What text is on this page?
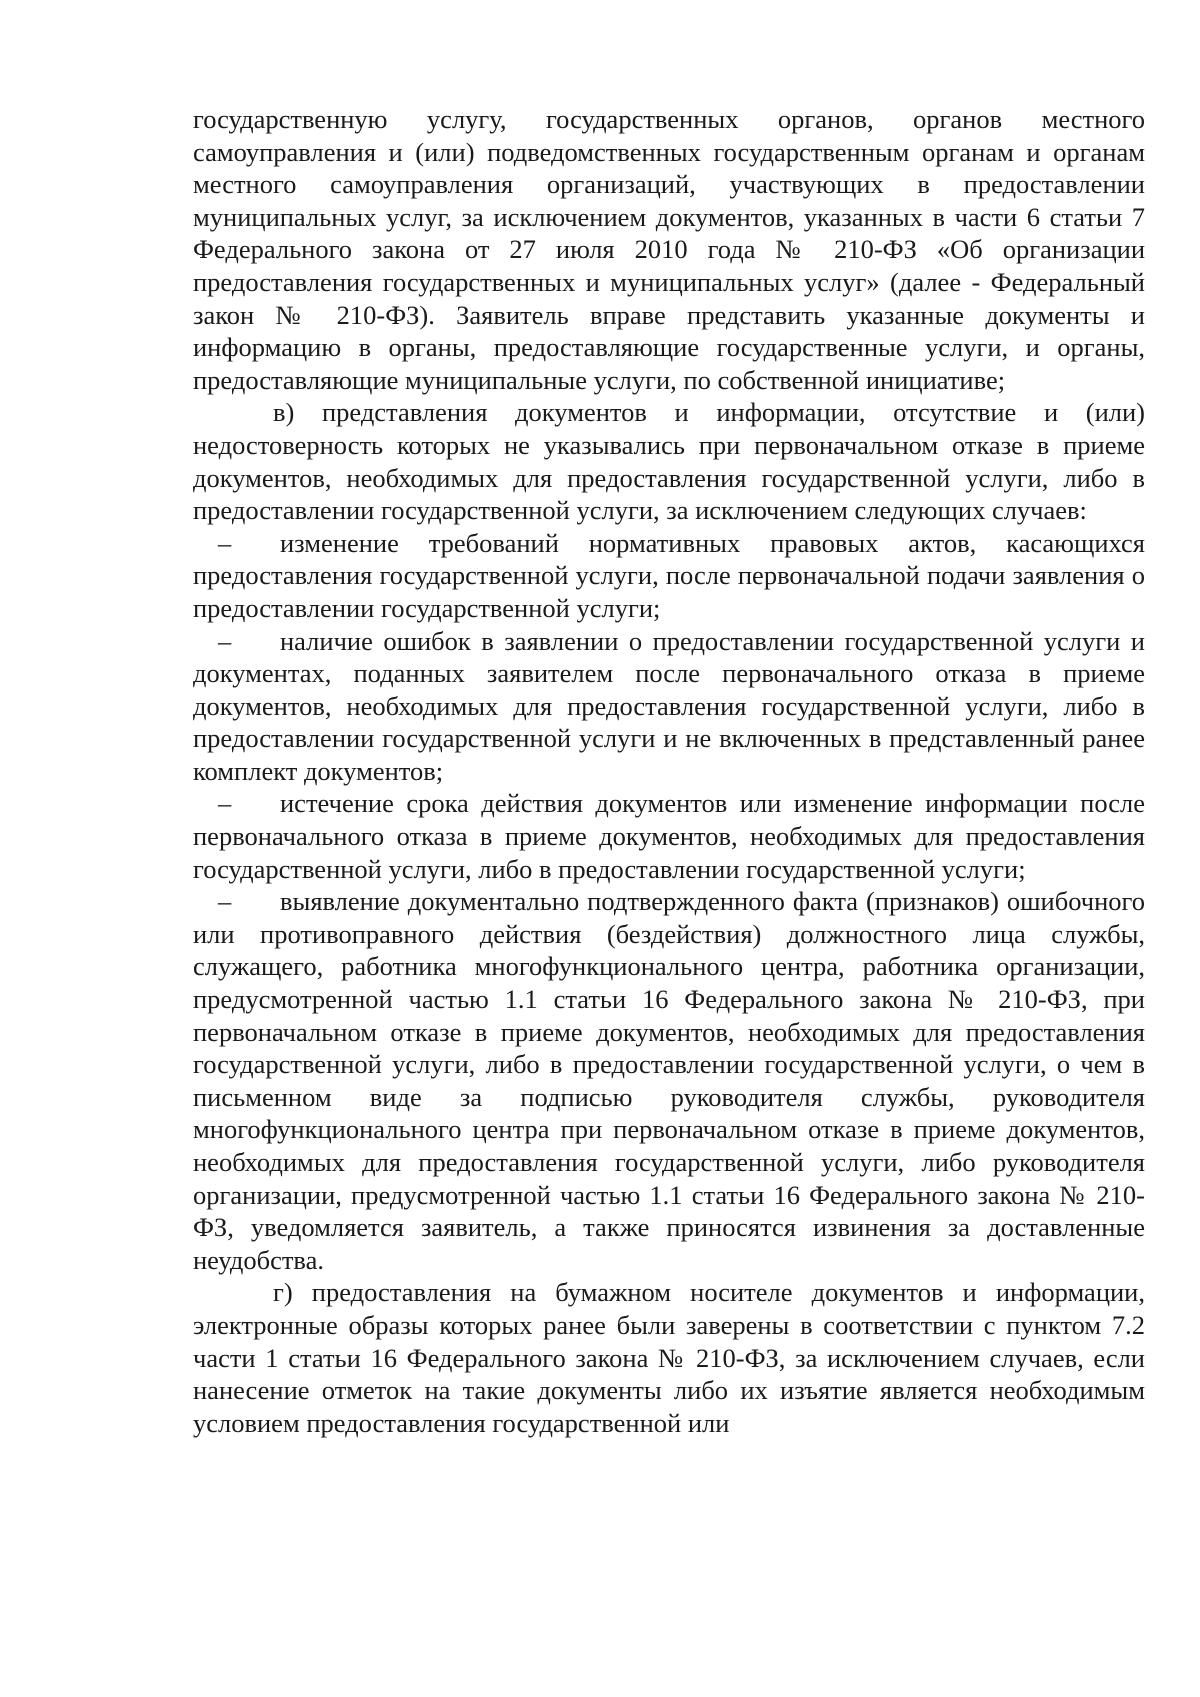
государственную услугу, государственных органов, органов местного самоуправления и (или) подведомственных государственным органам и органам местного самоуправления организаций, участвующих в предоставлении муниципальных услуг, за исключением документов, указанных в части 6 статьи 7 Федерального закона от 27 июля 2010 года № 210-ФЗ «Об организации предоставления государственных и муниципальных услуг» (далее - Федеральный закон № 210-ФЗ). Заявитель вправе представить указанные документы и информацию в органы, предоставляющие государственные услуги, и органы, предоставляющие муниципальные услуги, по собственной инициативе;

в) представления документов и информации, отсутствие и (или) недостоверность которых не указывались при первоначальном отказе в приеме документов, необходимых для предоставления государственной услуги, либо в предоставлении государственной услуги, за исключением следующих случаев:

– изменение требований нормативных правовых актов, касающихся предоставления государственной услуги, после первоначальной подачи заявления о предоставлении государственной услуги;

– наличие ошибок в заявлении о предоставлении государственной услуги и документах, поданных заявителем после первоначального отказа в приеме документов, необходимых для предоставления государственной услуги, либо в предоставлении государственной услуги и не включенных в представленный ранее комплект документов;

– истечение срока действия документов или изменение информации после первоначального отказа в приеме документов, необходимых для предоставления государственной услуги, либо в предоставлении государственной услуги;

– выявление документально подтвержденного факта (признаков) ошибочного или противоправного действия (бездействия) должностного лица службы, служащего, работника многофункционального центра, работника организации, предусмотренной частью 1.1 статьи 16 Федерального закона № 210-ФЗ, при первоначальном отказе в приеме документов, необходимых для предоставления государственной услуги, либо в предоставлении государственной услуги, о чем в письменном виде за подписью руководителя службы, руководителя многофункционального центра при первоначальном отказе в приеме документов, необходимых для предоставления государственной услуги, либо руководителя организации, предусмотренной частью 1.1 статьи 16 Федерального закона № 210-ФЗ, уведомляется заявитель, а также приносятся извинения за доставленные неудобства.

г) предоставления на бумажном носителе документов и информации, электронные образы которых ранее были заверены в соответствии с пунктом 7.2 части 1 статьи 16 Федерального закона № 210-ФЗ, за исключением случаев, если нанесение отметок на такие документы либо их изъятие является необходимым условием предоставления государственной или
